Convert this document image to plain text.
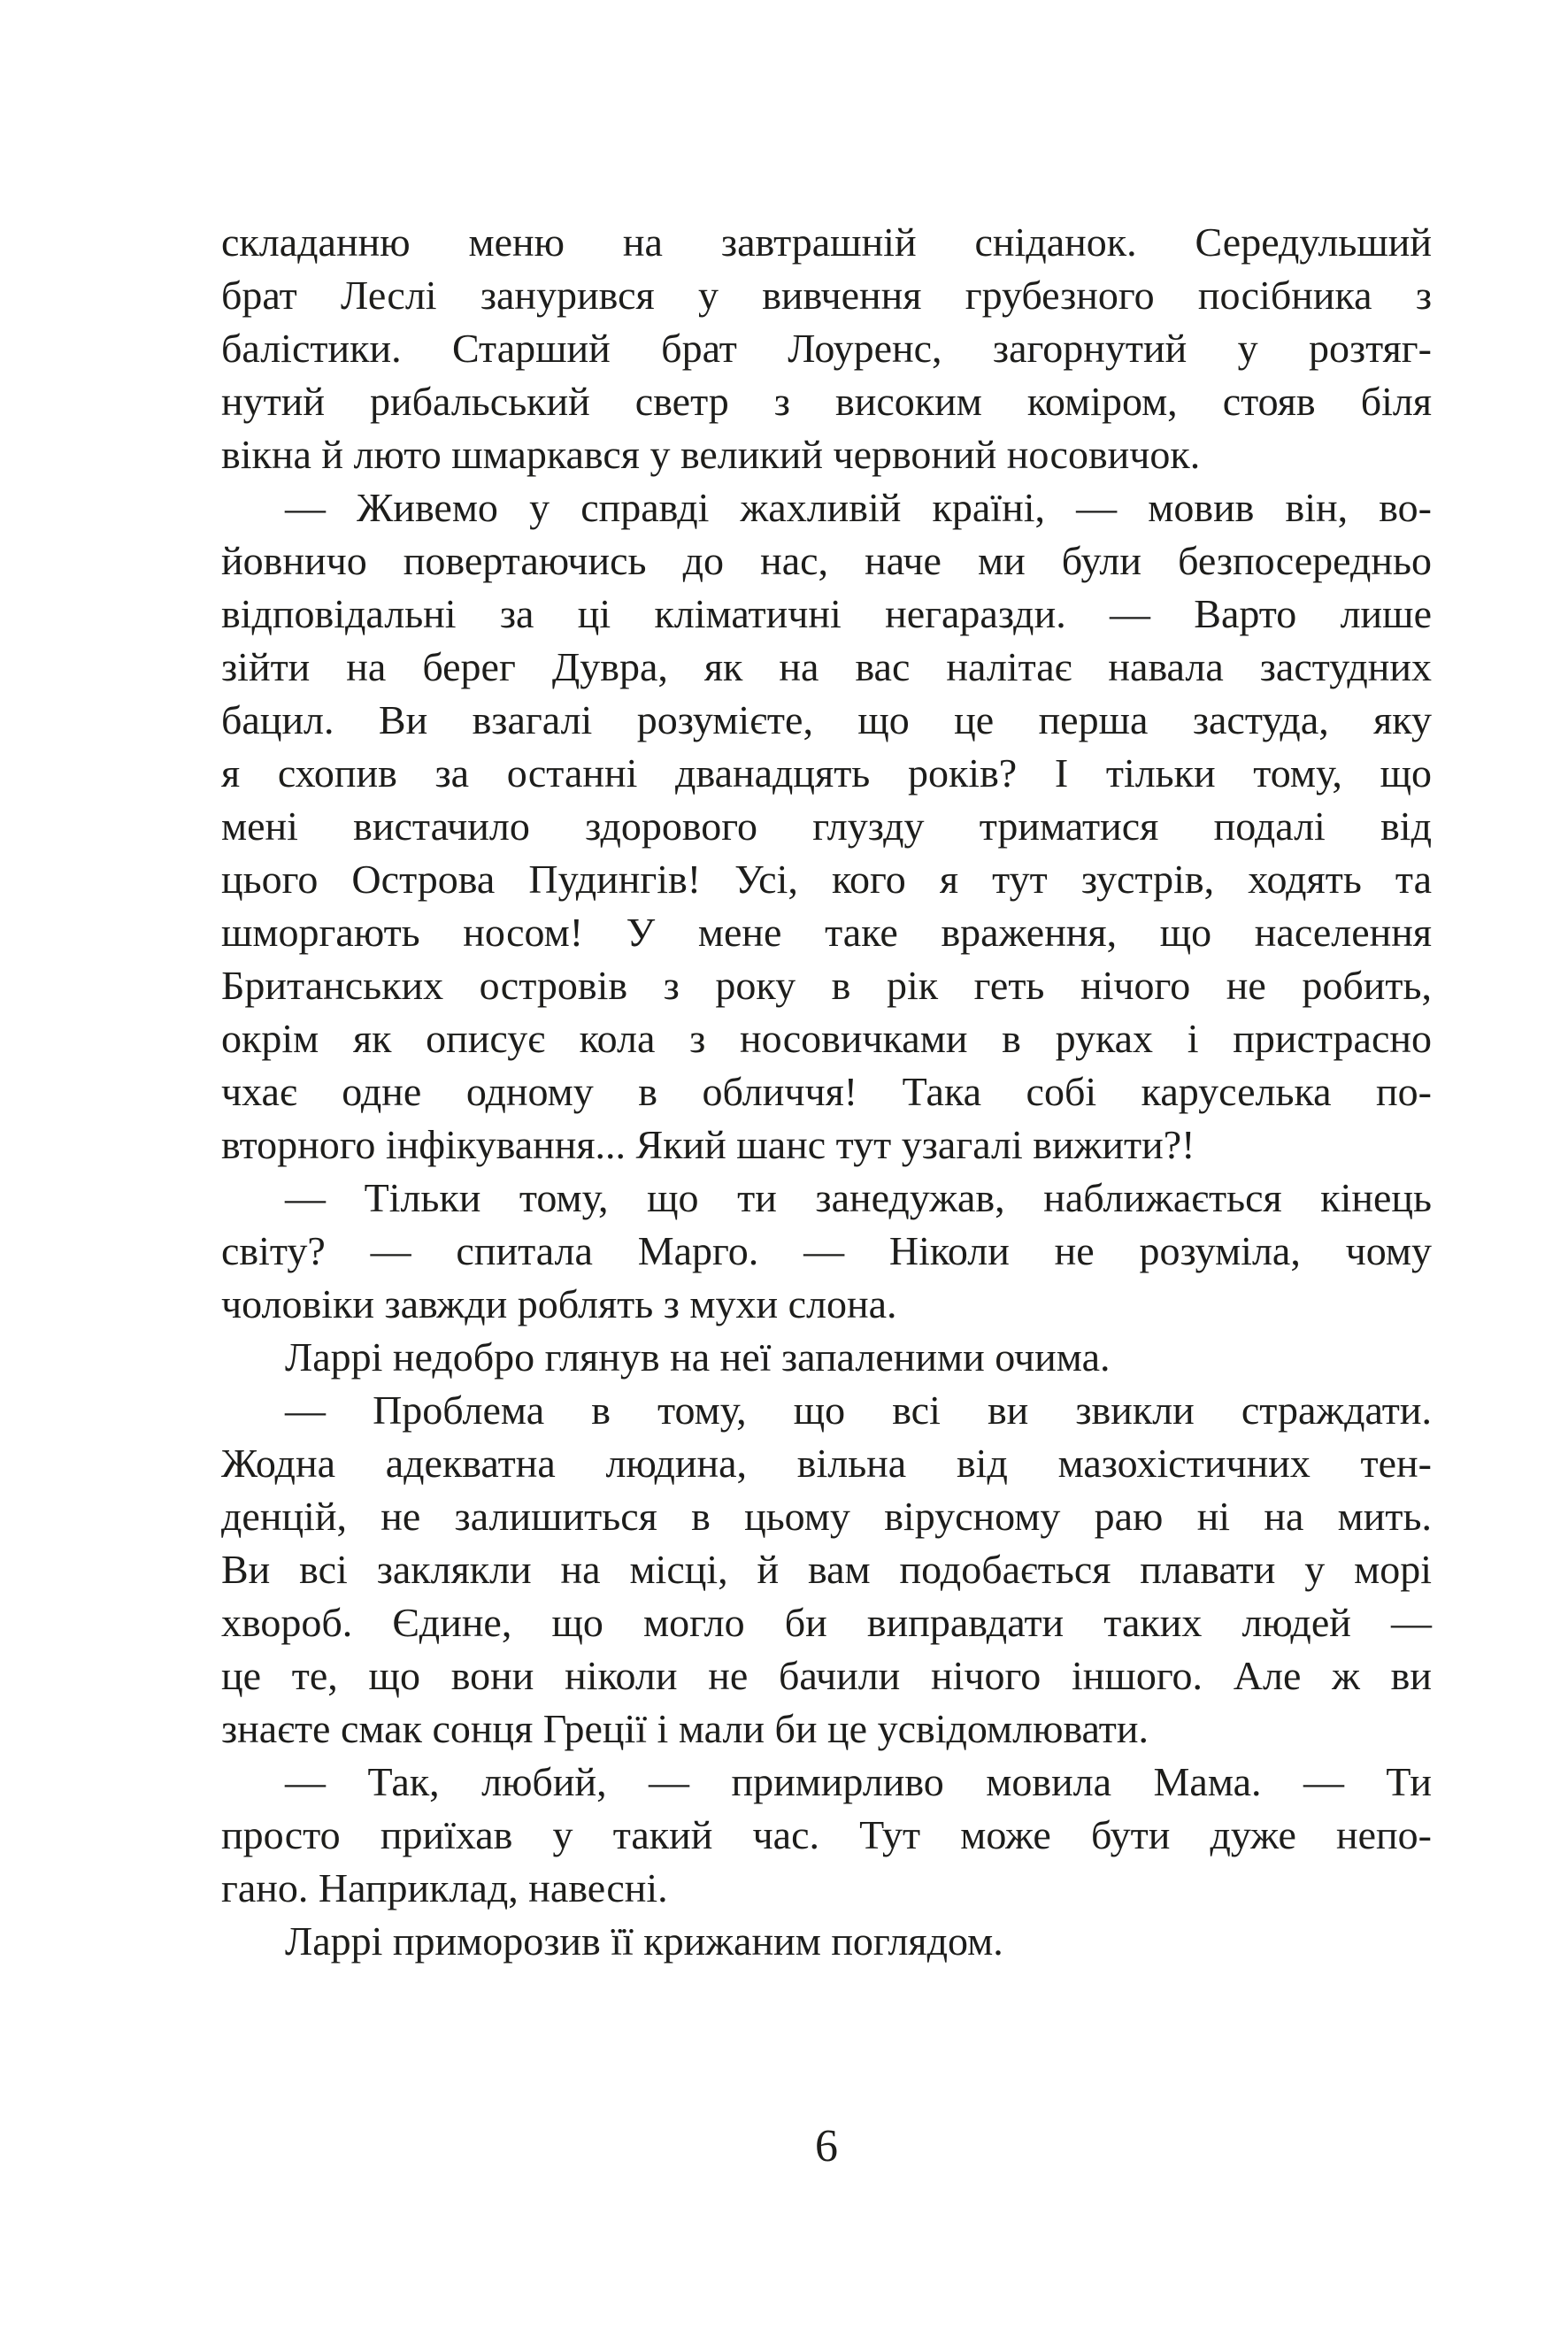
складанню меню на завтрашній сніданок. Середульший
брат Леслі занурився у вивчення грубезного посібника з
балістики. Старший брат Лоуренс, загорнутий у розтяг-
нутий рибальський светр з високим коміром, стояв біля
вікна й люто шмаркався у великий червоний носовичок.
— Живемо у справді жахливій країні, — мовив він, во-
йовничо повертаючись до нас, наче ми були безпосередньо
відповідальні за ці кліматичні негаразди. — Варто лише
зійти на берег Дувра, як на вас налітає навала застудних
бацил. Ви взагалі розумієте, що це перша застуда, яку
я схопив за останні дванадцять років? І тільки тому, що
мені вистачило здорового глузду триматися подалі від
цього Острова Пудингів! Усі, кого я тут зустрів, ходять та
шморгають носом! У мене таке враження, що населення
Британських островів з року в рік геть нічого не робить,
окрім як описує кола з носовичками в руках і пристрасно
чхає одне одному в обличчя! Така собі каруселька по-
вторного інфікування... Який шанс тут узагалі вижити?!
— Тільки тому, що ти занедужав, наближається кінець
світу? — спитала Марго. — Ніколи не розуміла, чому
чоловіки завжди роблять з мухи слона.
Ларрі недобро глянув на неї запаленими очима.
— Проблема в тому, що всі ви звикли страждати.
Жодна адекватна людина, вільна від мазохістичних тен-
денцій, не залишиться в цьому вірусному раю ні на мить.
Ви всі заклякли на місці, й вам подобається плавати у морі
хвороб. Єдине, що могло би виправдати таких людей —
це те, що вони ніколи не бачили нічого іншого. Але ж ви
знаєте смак сонця Греції і мали би це усвідомлювати.
— Так, любий, — примирливо мовила Мама. — Ти
просто приїхав у такий час. Тут може бути дуже непо-
гано. Наприклад, навесні.
Ларрі приморозив її крижаним поглядом.
6
